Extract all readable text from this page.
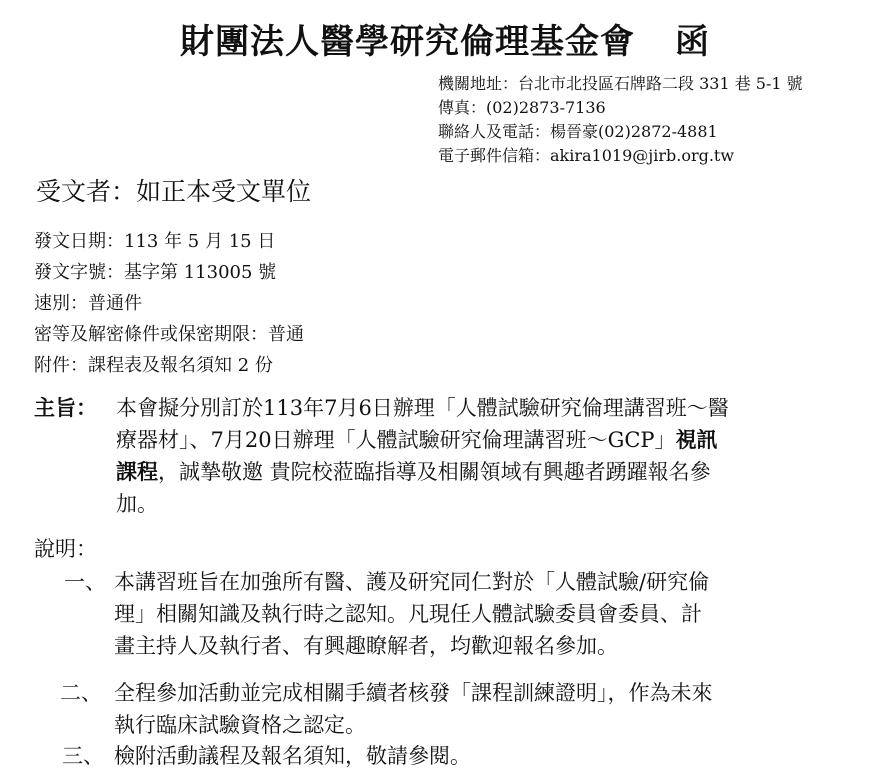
財團法人醫學研究倫理基金會 函
機關地址：台北市北投區石牌路二段 331 巷 5-1 號
傳真：(02)2873-7136
聯絡人及電話：楊晉豪(02)2872-4881
電子郵件信箱：akira1019@jirb.org.tw
受文者：如正本受文單位
發文日期：113 年 5 月 15 日
發文字號：基字第 113005 號
速別：普通件
密等及解密條件或保密期限：普通
附件：課程表及報名須知 2 份
主旨： 本會擬分別訂於113年7月6日辦理「人體試驗研究倫理講習班～醫
療器材」、7月20日辦理「人體試驗研究倫理講習班～GCP」視訊
課程，誠摯敬邀 貴院校蒞臨指導及相關領域有興趣者踴躍報名參
加。
說明：
一、 本講習班旨在加強所有醫、護及研究同仁對於「人體試驗/研究倫
理」相關知識及執行時之認知。凡現任人體試驗委員會委員、計
畫主持人及執行者、有興趣瞭解者，均歡迎報名參加。
二、 全程參加活動並完成相關手續者核發「課程訓練證明」，作為未來
執行臨床試驗資格之認定。
三、 檢附活動議程及報名須知，敬請參閱。
